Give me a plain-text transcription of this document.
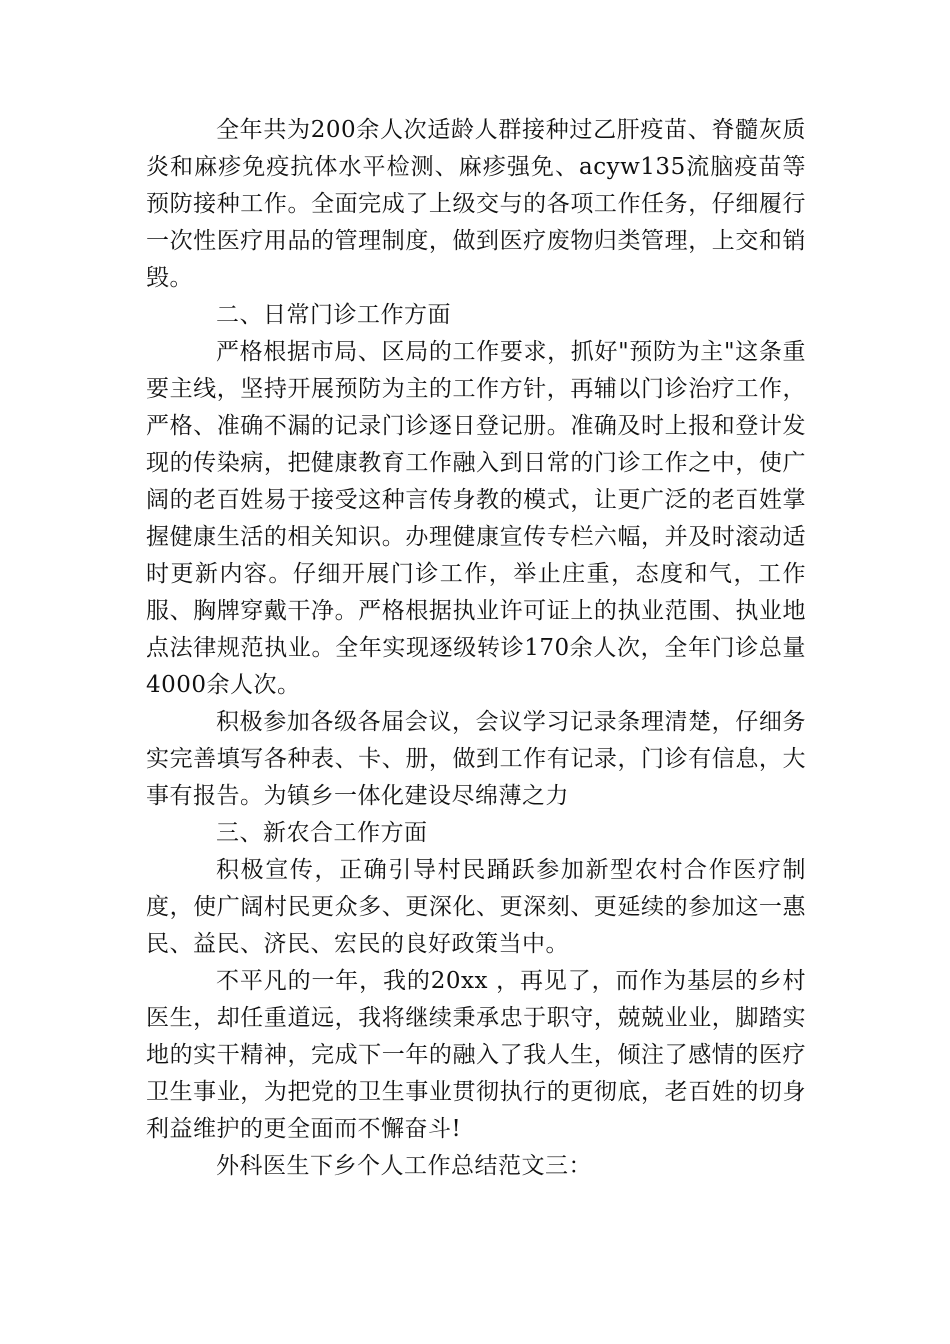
全年共为200余人次适龄人群接种过乙肝疫苗、脊髓灰质炎和麻疹免疫抗体水平检测、麻疹强免、acyw135流脑疫苗等预防接种工作。全面完成了上级交与的各项工作任务，仔细履行一次性医疗用品的管理制度，做到医疗废物归类管理，上交和销毁。

二、日常门诊工作方面

严格根据市局、区局的工作要求，抓好"预防为主"这条重要主线，坚持开展预防为主的工作方针，再辅以门诊治疗工作，严格、准确不漏的记录门诊逐日登记册。准确及时上报和登计发现的传染病，把健康教育工作融入到日常的门诊工作之中，使广阔的老百姓易于接受这种言传身教的模式，让更广泛的老百姓掌握健康生活的相关知识。办理健康宣传专栏六幅，并及时滚动适时更新内容。仔细开展门诊工作，举止庄重，态度和气，工作服、胸牌穿戴干净。严格根据执业许可证上的执业范围、执业地点法律规范执业。全年实现逐级转诊170余人次，全年门诊总量4000余人次。

积极参加各级各届会议，会议学习记录条理清楚，仔细务实完善填写各种表、卡、册，做到工作有记录，门诊有信息，大事有报告。为镇乡一体化建设尽绵薄之力

三、新农合工作方面

积极宣传，正确引导村民踊跃参加新型农村合作医疗制度，使广阔村民更众多、更深化、更深刻、更延续的参加这一惠民、益民、济民、宏民的良好政策当中。

不平凡的一年，我的20xx ，再见了，而作为基层的乡村医生，却任重道远，我将继续秉承忠于职守，兢兢业业，脚踏实地的实干精神，完成下一年的融入了我人生，倾注了感情的医疗卫生事业，为把党的卫生事业贯彻执行的更彻底，老百姓的切身利益维护的更全面而不懈奋斗!

外科医生下乡个人工作总结范文三：
